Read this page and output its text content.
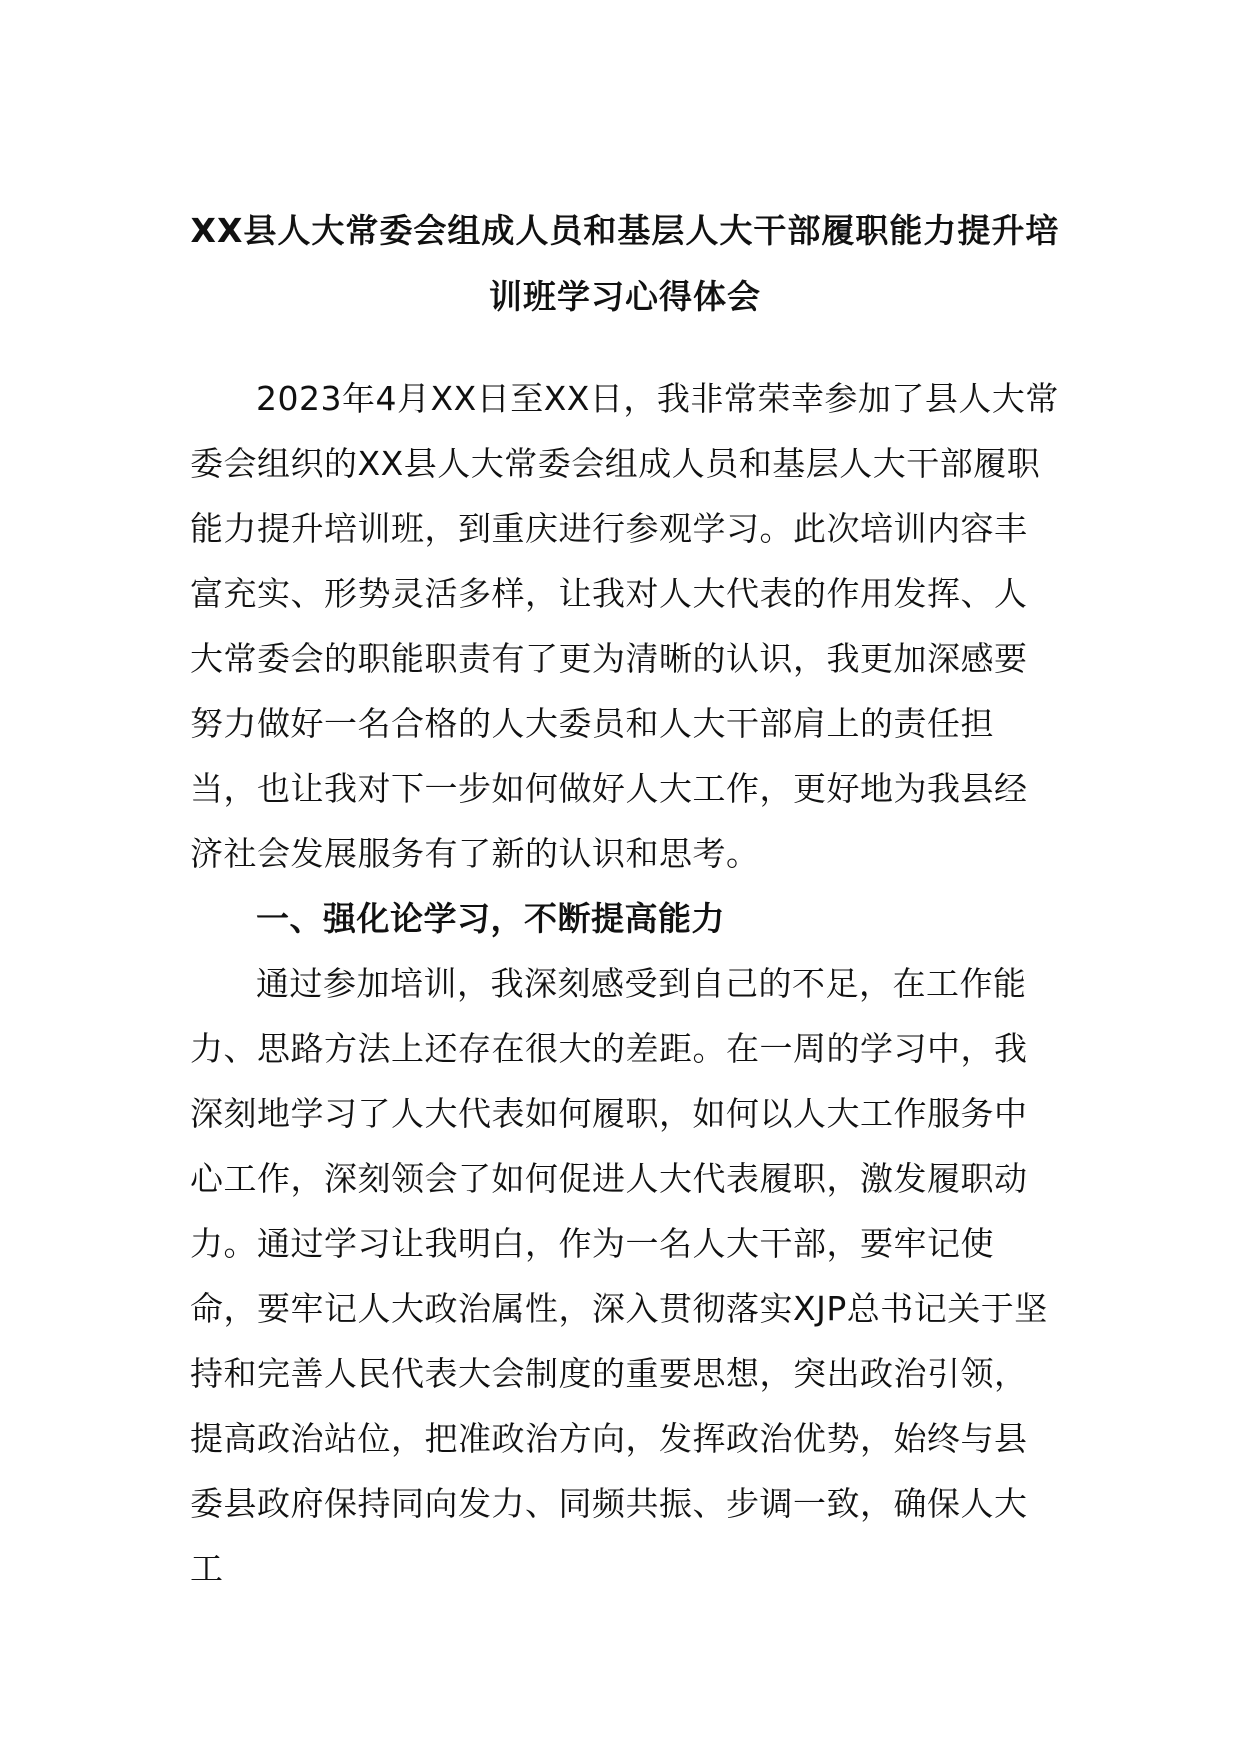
XX县人大常委会组成人员和基层人大干部履职能力提升培训班学习心得体会

2023年4月XX日至XX日，我非常荣幸参加了县人大常委会组织的XX县人大常委会组成人员和基层人大干部履职能力提升培训班，到重庆进行参观学习。此次培训内容丰富充实、形势灵活多样，让我对人大代表的作用发挥、人大常委会的职能职责有了更为清晰的认识，我更加深感要努力做好一名合格的人大委员和人大干部肩上的责任担当，也让我对下一步如何做好人大工作，更好地为我县经济社会发展服务有了新的认识和思考。

一、强化论学习，不断提高能力

通过参加培训，我深刻感受到自己的不足，在工作能力、思路方法上还存在很大的差距。在一周的学习中，我深刻地学习了人大代表如何履职，如何以人大工作服务中心工作，深刻领会了如何促进人大代表履职，激发履职动力。通过学习让我明白，作为一名人大干部，要牢记使命，要牢记人大政治属性，深入贯彻落实XJP总书记关于坚持和完善人民代表大会制度的重要思想，突出政治引领，提高政治站位，把准政治方向，发挥政治优势，始终与县委县政府保持同向发力、同频共振、步调一致，确保人大工
